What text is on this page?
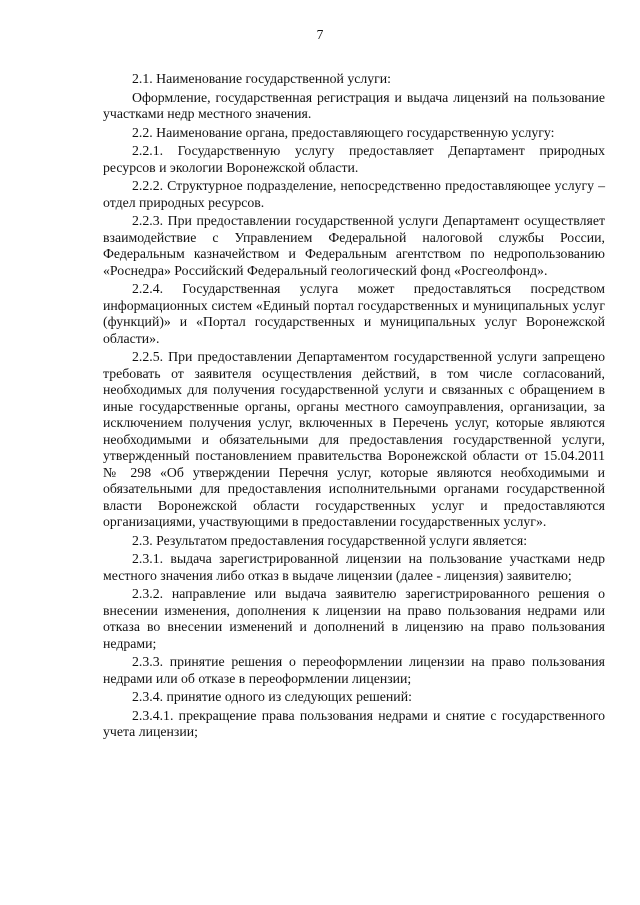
7

2.1. Наименование государственной услуги:

Оформление, государственная регистрация и выдача лицензий на пользование участками недр местного значения.

2.2. Наименование органа, предоставляющего государственную услугу:

2.2.1. Государственную услугу предоставляет Департамент природных ресурсов и экологии Воронежской области.

2.2.2. Структурное подразделение, непосредственно предоставляющее услугу – отдел природных ресурсов.

2.2.3. При предоставлении государственной услуги Департамент осуществляет взаимодействие с Управлением Федеральной налоговой службы России, Федеральным казначейством и Федеральным агентством по недропользованию «Роснедра» Российский Федеральный геологический фонд «Росгеолфонд».

2.2.4. Государственная услуга может предоставляться посредством информационных систем «Единый портал государственных и муниципальных услуг (функций)» и «Портал государственных и муниципальных услуг Воронежской области».

2.2.5. При предоставлении Департаментом государственной услуги запрещено требовать от заявителя осуществления действий, в том числе согласований, необходимых для получения государственной услуги и связанных с обращением в иные государственные органы, органы местного самоуправления, организации, за исключением получения услуг, включенных в Перечень услуг, которые являются необходимыми и обязательными для предоставления государственной услуги, утвержденный постановлением правительства Воронежской области от 15.04.2011 № 298 «Об утверждении Перечня услуг, которые являются необходимыми и обязательными для предоставления исполнительными органами государственной власти Воронежской области государственных услуг и предоставляются организациями, участвующими в предоставлении государственных услуг».

2.3. Результатом предоставления государственной услуги является:

2.3.1. выдача зарегистрированной лицензии на пользование участками недр местного значения либо отказ в выдаче лицензии (далее - лицензия) заявителю;

2.3.2. направление или выдача заявителю зарегистрированного решения о внесении изменения, дополнения к лицензии на право пользования недрами или отказа во внесении изменений и дополнений в лицензию на право пользования недрами;

2.3.3. принятие решения о переоформлении лицензии на право пользования недрами или об отказе в переоформлении лицензии;

2.3.4. принятие одного из следующих решений:

2.3.4.1. прекращение права пользования недрами и снятие с государственного учета лицензии;
